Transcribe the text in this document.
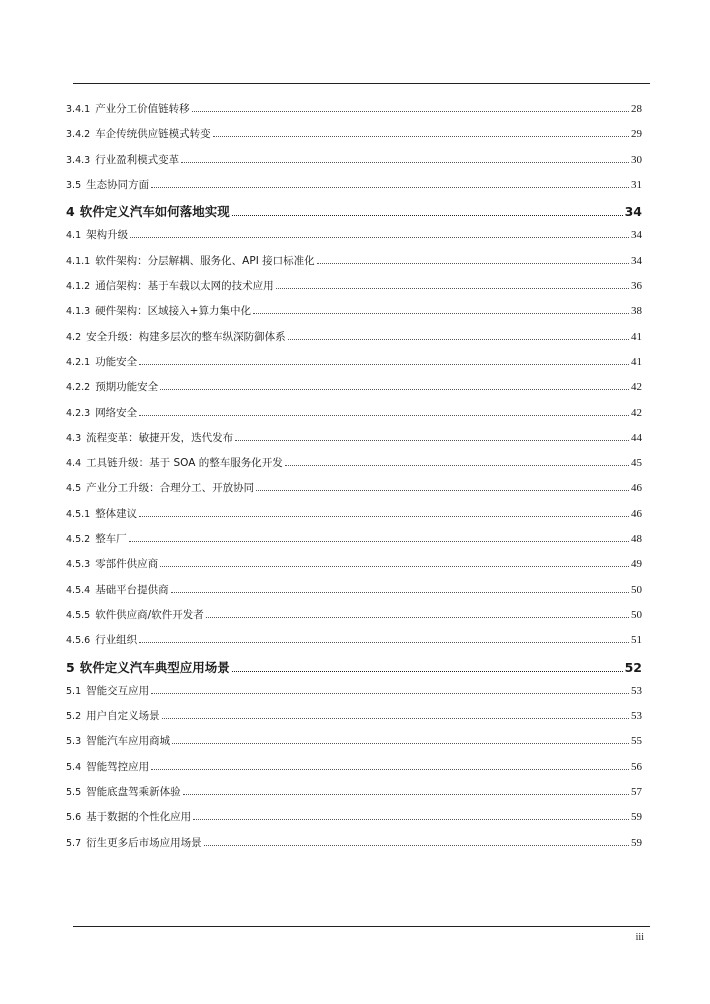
3.4.1 产业分工价值链转移	28
3.4.2 车企传统供应链模式转变	29
3.4.3 行业盈利模式变革	30
3.5 生态协同方面	31
4 软件定义汽车如何落地实现	34
4.1 架构升级	34
4.1.1 软件架构：分层解耦、服务化、API 接口标准化	34
4.1.2 通信架构：基于车载以太网的技术应用	36
4.1.3 硬件架构：区域接入+算力集中化	38
4.2 安全升级：构建多层次的整车纵深防御体系	41
4.2.1 功能安全	41
4.2.2 预期功能安全	42
4.2.3 网络安全	42
4.3 流程变革：敏捷开发，迭代发布	44
4.4 工具链升级：基于 SOA 的整车服务化开发	45
4.5 产业分工升级：合理分工、开放协同	46
4.5.1 整体建议	46
4.5.2 整车厂	48
4.5.3 零部件供应商	49
4.5.4 基础平台提供商	50
4.5.5 软件供应商/软件开发者	50
4.5.6 行业组织	51
5 软件定义汽车典型应用场景	52
5.1 智能交互应用	53
5.2 用户自定义场景	53
5.3 智能汽车应用商城	55
5.4 智能驾控应用	56
5.5 智能底盘驾乘新体验	57
5.6 基于数据的个性化应用	59
5.7 衍生更多后市场应用场景	59
iii
